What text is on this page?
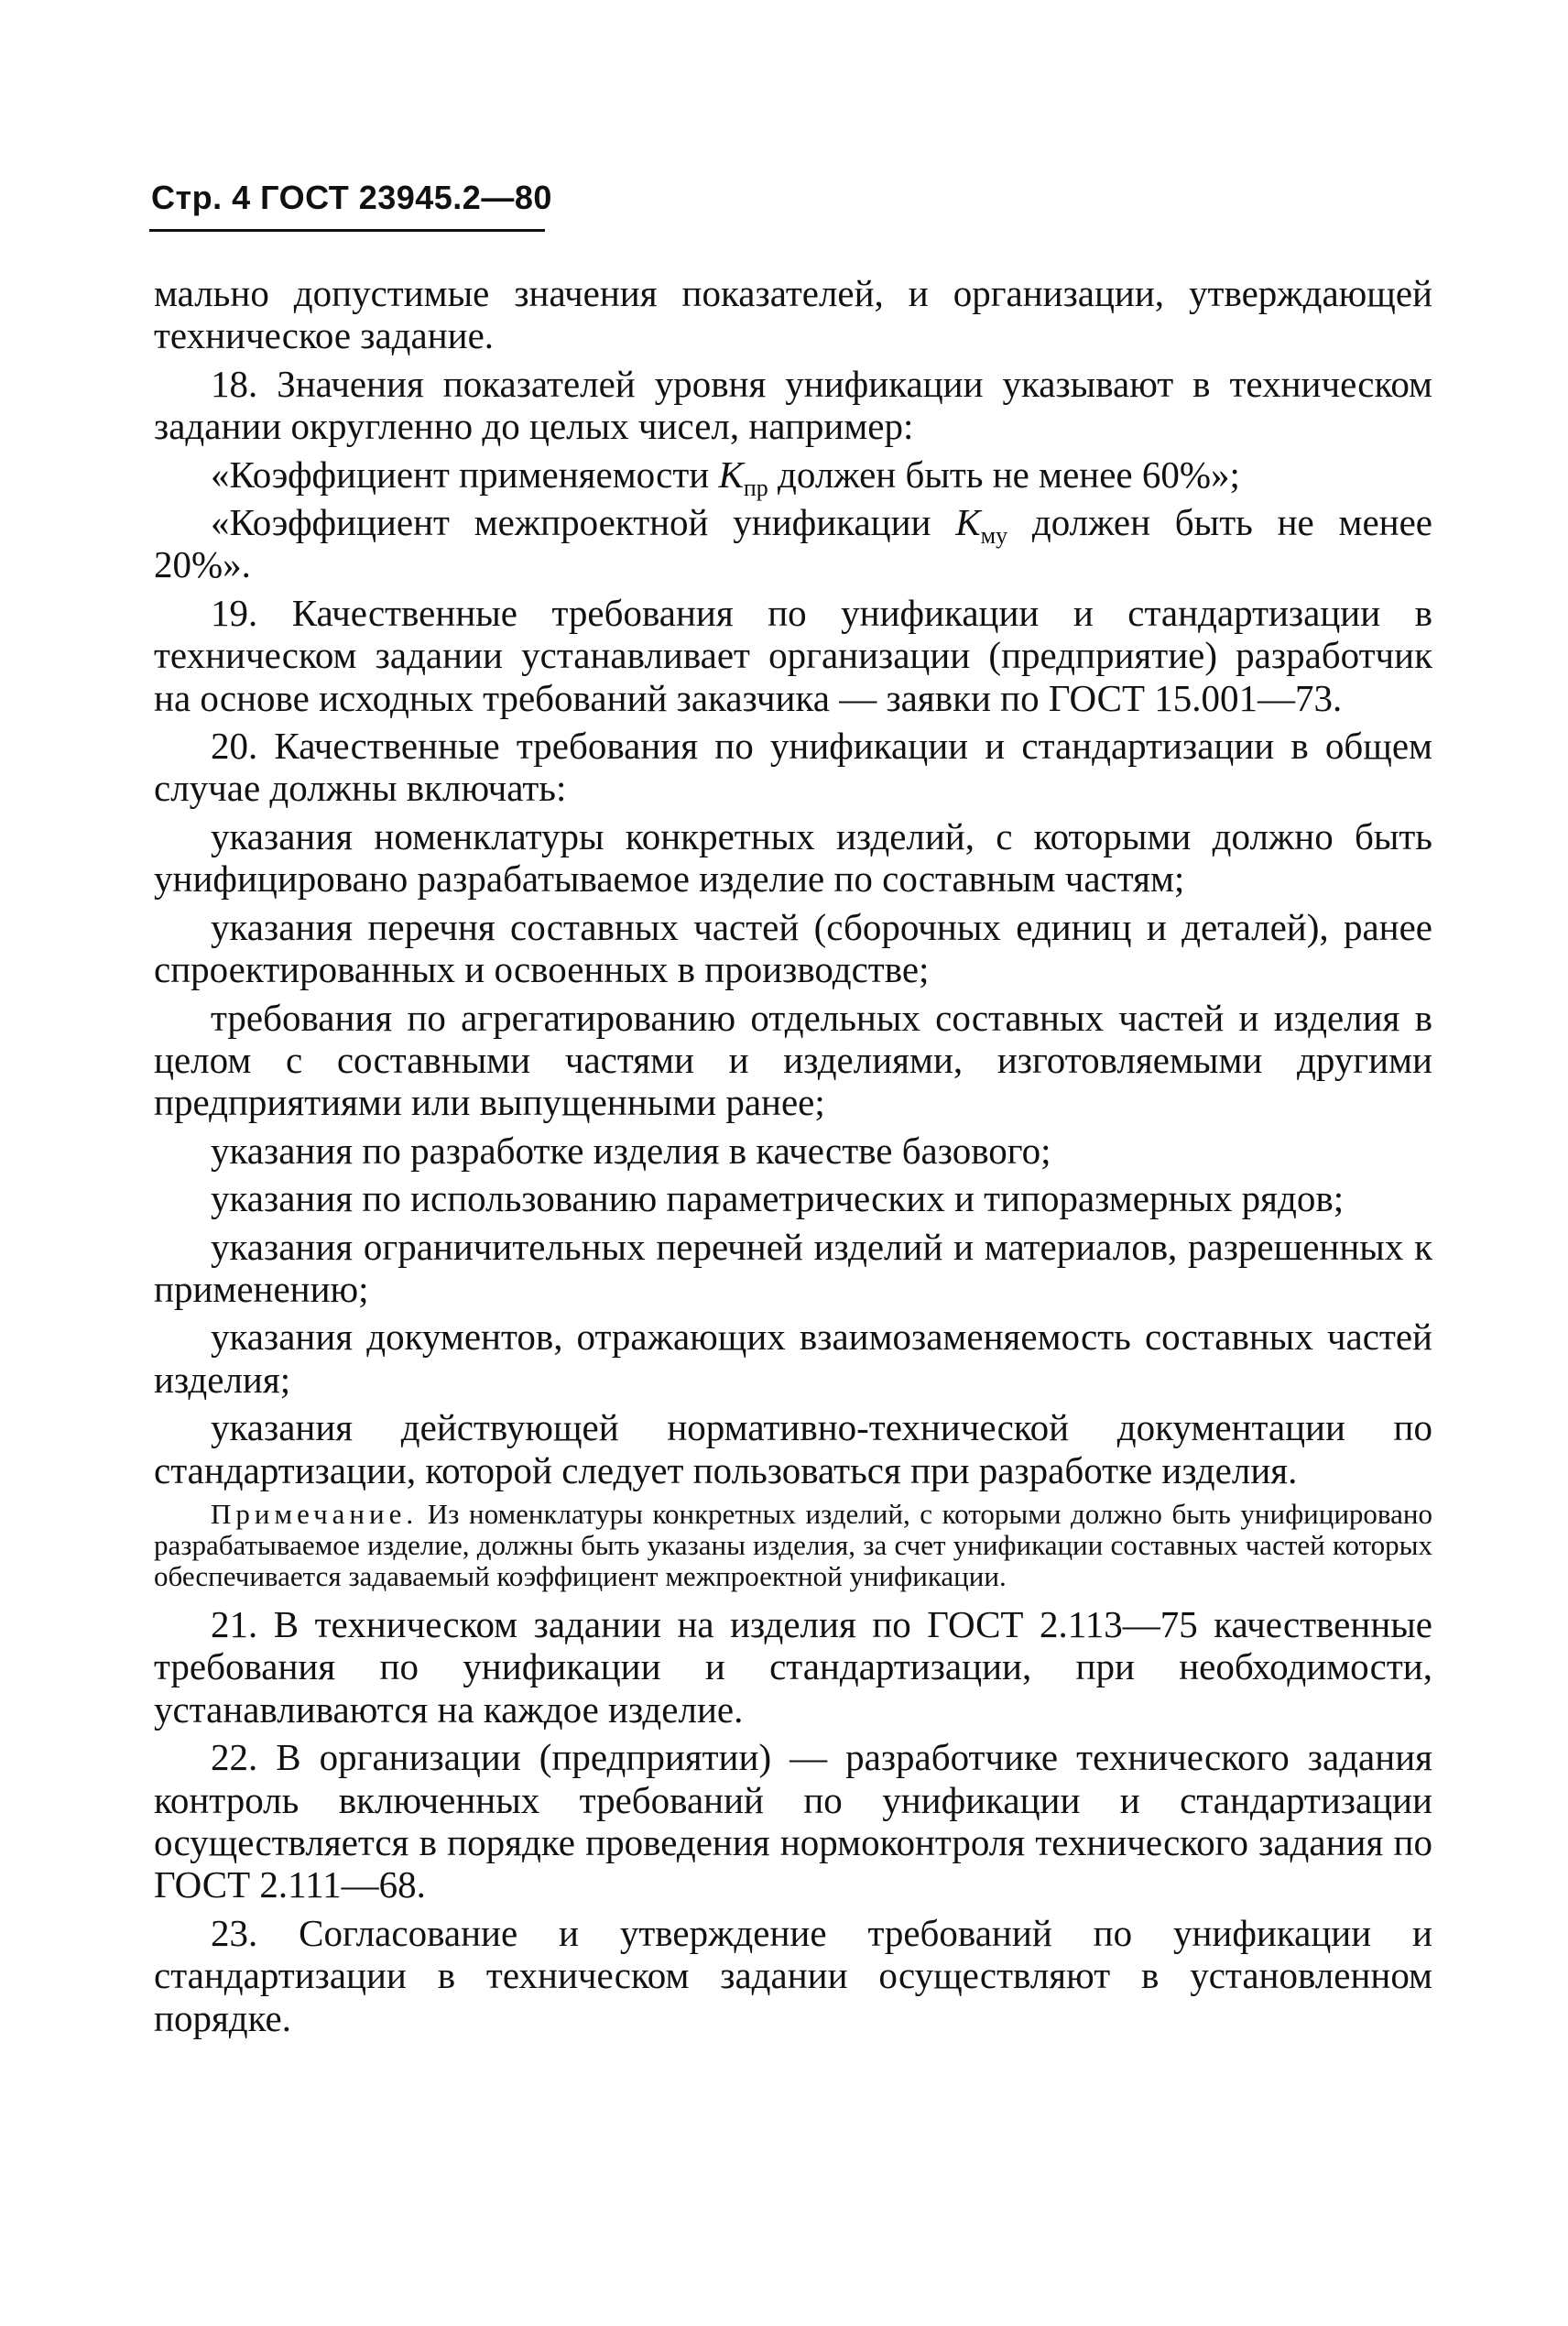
Стр. 4 ГОСТ 23945.2—80

мально допустимые значения показателей, и организации, утверждающей техническое задание.

18. Значения показателей уровня унификации указывают в техническом задании округленно до целых чисел, например:

«Коэффициент применяемости $K_{пр}$ должен быть не менее 60%»;

«Коэффициент межпроектной унификации $K_{му}$ должен быть не менее 20%».

19. Качественные требования по унификации и стандартизации в техническом задании устанавливает организации (предприятие) разработчик на основе исходных требований заказчика — заявки по ГОСТ 15.001—73.

20. Качественные требования по унификации и стандартизации в общем случае должны включать:

указания номенклатуры конкретных изделий, с которыми должно быть унифицировано разрабатываемое изделие по составным частям;

указания перечня составных частей (сборочных единиц и деталей), ранее спроектированных и освоенных в производстве;

требования по агрегатированию отдельных составных частей и изделия в целом с составными частями и изделиями, изготовляемыми другими предприятиями или выпущенными ранее;

указания по разработке изделия в качестве базового;

указания по использованию параметрических и типоразмерных рядов;

указания ограничительных перечней изделий и материалов, разрешенных к применению;

указания документов, отражающих взаимозаменяемость составных частей изделия;

указания действующей нормативно-технической документации по стандартизации, которой следует пользоваться при разработке изделия.

Примечание. Из номенклатуры конкретных изделий, с которыми должно быть унифицировано разрабатываемое изделие, должны быть указаны изделия, за счет унификации составных частей которых обеспечивается задаваемый коэффициент межпроектной унификации.

21. В техническом задании на изделия по ГОСТ 2.113—75 качественные требования по унификации и стандартизации, при необходимости, устанавливаются на каждое изделие.

22. В организации (предприятии) — разработчике технического задания контроль включенных требований по унификации и стандартизации осуществляется в порядке проведения нормоконтроля технического задания по ГОСТ 2.111—68.

23. Согласование и утверждение требований по унификации и стандартизации в техническом задании осуществляют в установленном порядке.
